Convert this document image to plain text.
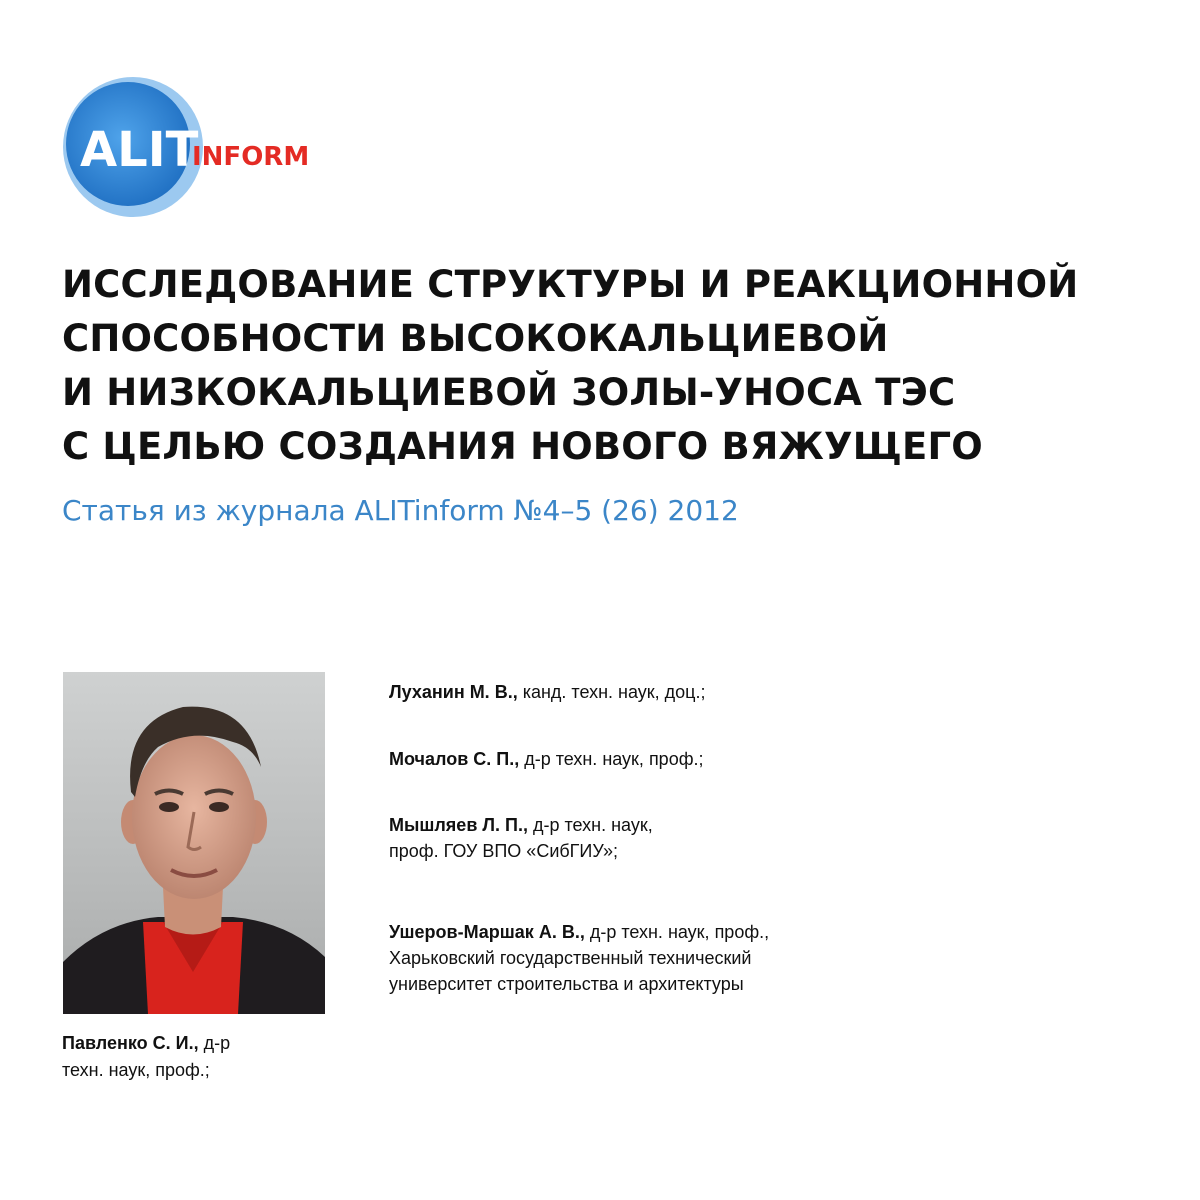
ALIT
INFORM
ИССЛЕДОВАНИЕ СТРУКТУРЫ И РЕАКЦИОННОЙ
СПОСОБНОСТИ ВЫСОКОКАЛЬЦИЕВОЙ
И НИЗКОКАЛЬЦИЕВОЙ ЗОЛЫ-УНОСА ТЭС
С ЦЕЛЬЮ СОЗДАНИЯ НОВОГО ВЯЖУЩЕГО
Статья из журнала ALITinform №4–5 (26) 2012
Павленко С. И., д-р
техн. наук, проф.;
Луханин М. В., канд. техн. наук, доц.;
Мочалов С. П., д-р техн. наук, проф.;
Мышляев Л. П., д-р техн. наук,
проф. ГОУ ВПО «СибГИУ»;
Ушеров-Маршак А. В., д-р техн. наук, проф.,
Харьковский государственный технический
университет строительства и архитектуры
